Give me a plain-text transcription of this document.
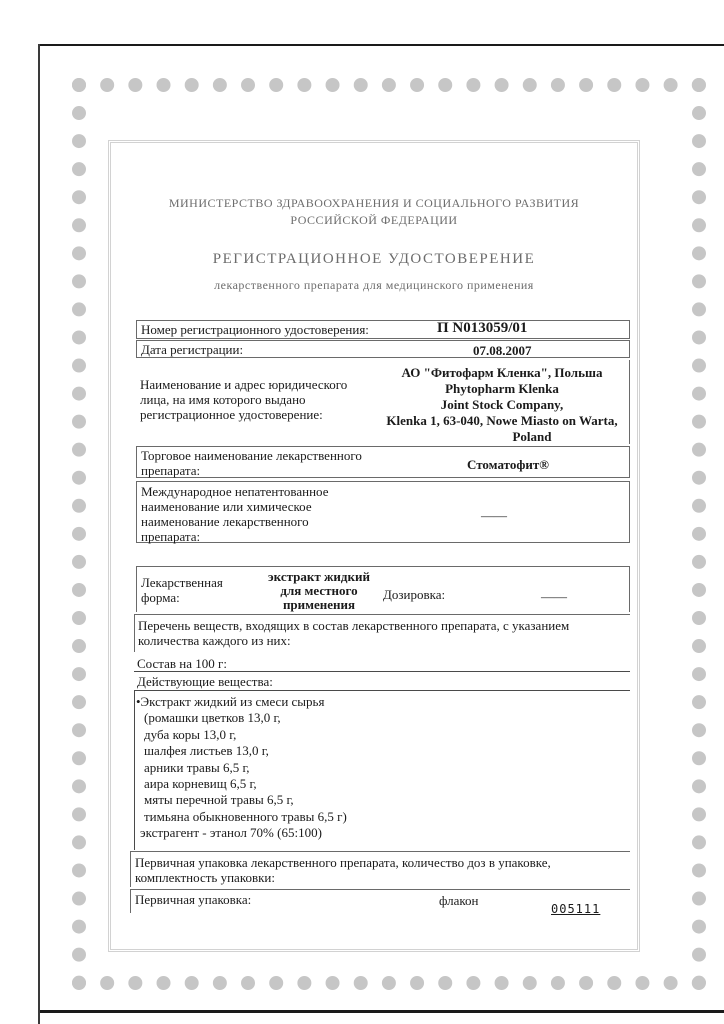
МИНИСТЕРСТВО ЗДРАВООХРАНЕНИЯ И СОЦИАЛЬНОГО РАЗВИТИЯ
РОССИЙСКОЙ ФЕДЕРАЦИИ
РЕГИСТРАЦИОННОЕ УДОСТОВЕРЕНИЕ
лекарственного препарата для медицинского применения
Номер регистрационного удостоверения:	П N013059/01
Дата регистрации:	07.08.2007
Наименование и адрес юридического лица, на имя которого выдано регистрационное удостоверение:
АО "Фитофарм Кленка", Польша
Phytopharm Klenka
Joint Stock Company,
Klenka 1, 63-040, Nowe Miasto on Warta,
Poland
Торговое наименование лекарственного препарата:	Стоматофит®
Международное непатентованное наименование или химическое наименование лекарственного препарата:
——
Лекарственная форма:
экстракт жидкий
для местного
применения
Дозировка:	——
Перечень веществ, входящих в состав лекарственного препарата, с указанием количества каждого из них:
Состав на 100 г:
Действующие вещества:
•Экстракт жидкий из смеси сырья
(ромашки цветков 13,0 г,
дуба коры 13,0 г,
шалфея листьев 13,0 г,
арники травы 6,5 г,
аира корневищ 6,5 г,
мяты перечной травы 6,5 г,
тимьяна обыкновенного травы 6,5 г)
экстрагент - этанол 70% (65:100)
Первичная упаковка лекарственного препарата, количество доз в упаковке, комплектность упаковки:
Первичная упаковка:	флакон
005111
